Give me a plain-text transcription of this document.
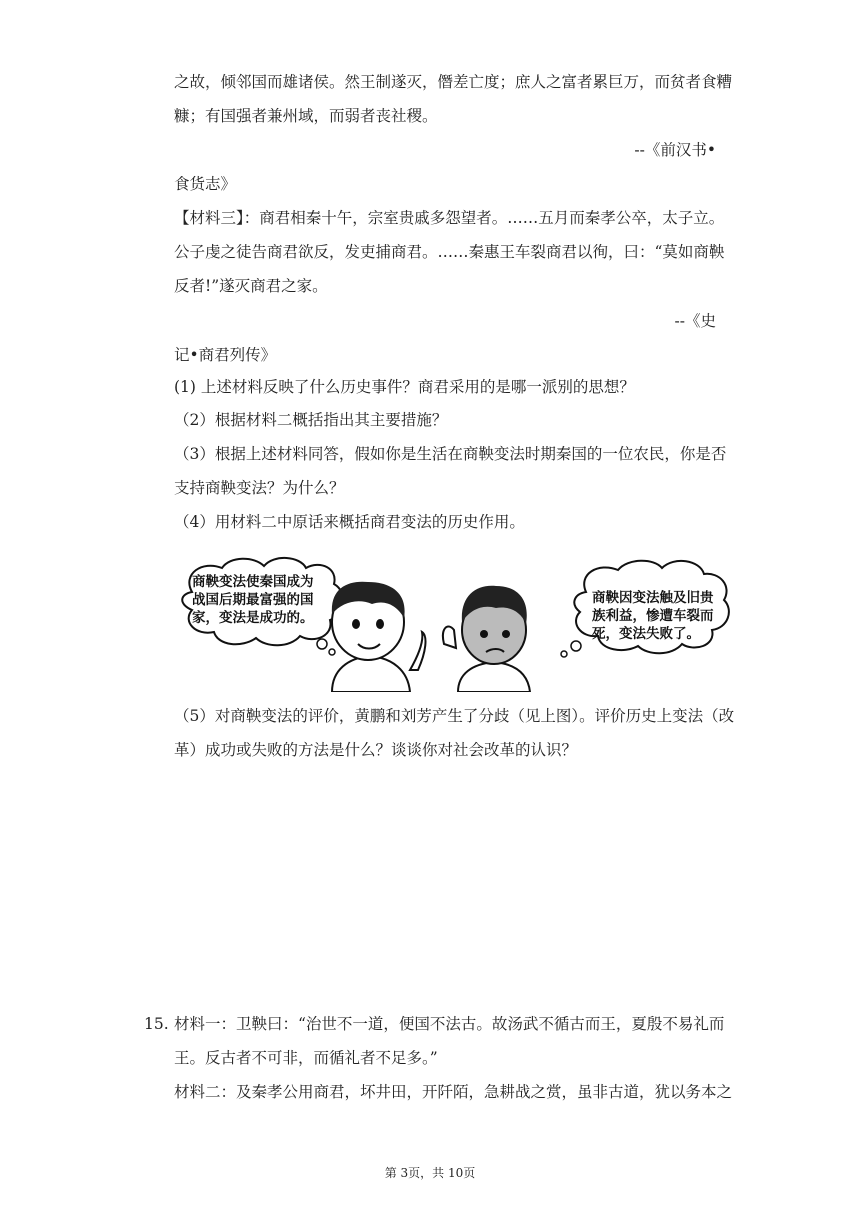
之故，倾邻国而雄诸侯。然王制遂灭，僭差亡度；庶人之富者累巨万，而贫者食糟
糠；有国强者兼州域，而弱者丧社稷。
--《前汉书•
食货志》
【材料三】：商君相秦十午，宗室贵戚多怨望者。……五月而秦孝公卒，太子立。
公子虔之徒告商君欲反，发吏捕商君。……秦惠王车裂商君以徇，曰：“莫如商鞅
反者!”遂灭商君之家。
--《史
记•商君列传》
(1) 上述材料反映了什么历史事件？商君采用的是哪一派别的思想？
（2）根据材料二概括指出其主要措施？
（3）根据上述材料同答，假如你是生活在商鞅变法时期秦国的一位农民，你是否
支持商鞅变法？为什么？
（4）用材料二中原话来概括商君变法的历史作用。
商鞅变法使秦国成为
战国后期最富强的国
家，变法是成功的。
商鞅因变法触及旧贵
族利益，惨遭车裂而
死，变法失败了。
（5）对商鞅变法的评价，黄鹏和刘芳产生了分歧（见上图）。评价历史上变法（改
革）成功或失败的方法是什么？谈谈你对社会改革的认识？
15. 材料一：卫鞅曰：“治世不一道，便国不法古。故汤武不循古而王，夏殷不易礼而
王。反古者不可非，而循礼者不足多。”
材料二：及秦孝公用商君，坏井田，开阡陌，急耕战之赏，虽非古道，犹以务本之
第 3页，共 10页
